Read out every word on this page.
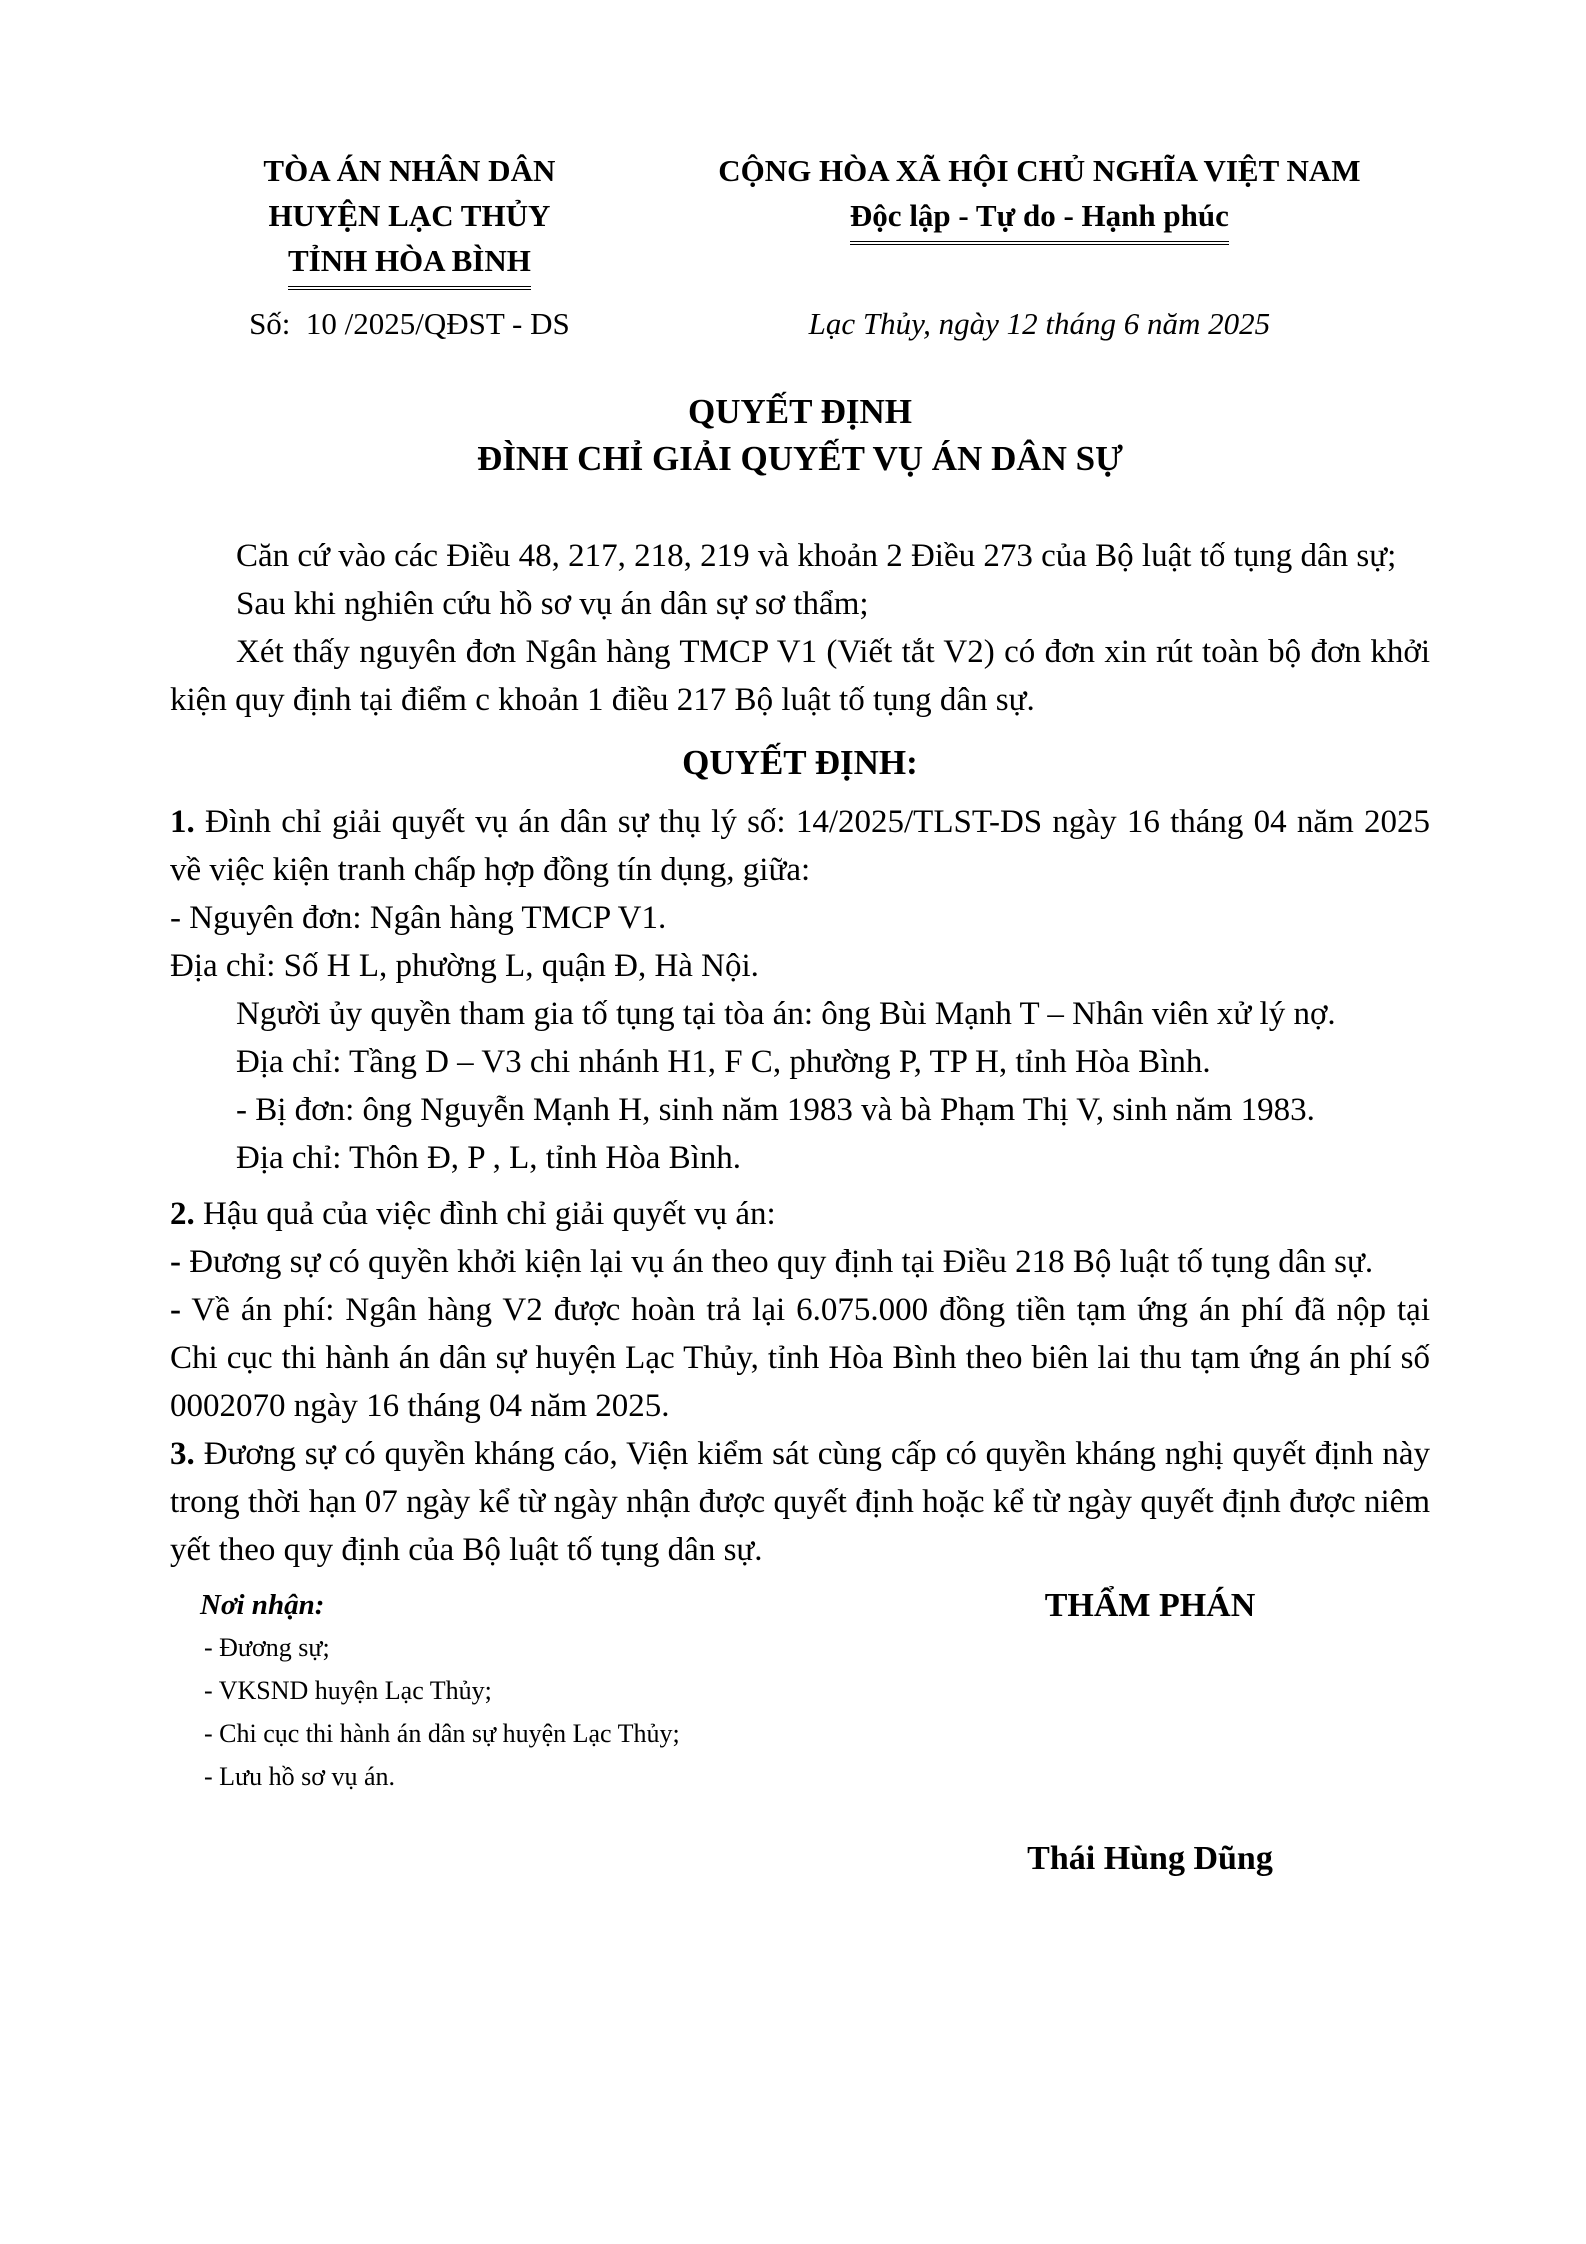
TÒA ÁN NHÂN DÂN
HUYỆN LẠC THỦY
TỈNH HÒA BÌNH
CỘNG HÒA XÃ HỘI CHỦ NGHĨA VIỆT NAM
Độc lập - Tự do - Hạnh phúc
Số:  10 /2025/QĐST - DS	Lạc Thủy, ngày 12 tháng 6 năm 2025
QUYẾT ĐỊNH
ĐÌNH CHỈ GIẢI QUYẾT VỤ ÁN DÂN SỰ

Căn cứ vào các Điều 48, 217, 218, 219 và khoản 2 Điều 273 của Bộ luật tố tụng dân sự;

Sau khi nghiên cứu hồ sơ vụ án dân sự sơ thẩm;

Xét thấy nguyên đơn Ngân hàng TMCP V1 (Viết tắt V2) có đơn xin rút toàn bộ đơn khởi kiện quy định tại điểm c khoản 1 điều 217 Bộ luật tố tụng dân sự.

QUYẾT ĐỊNH:

1. Đình chỉ giải quyết vụ án dân sự thụ lý số: 14/2025/TLST-DS ngày 16 tháng 04 năm 2025 về việc kiện tranh chấp hợp đồng tín dụng, giữa:

- Nguyên đơn: Ngân hàng TMCP V1.

Địa chỉ: Số H L, phường L, quận Đ, Hà Nội.

Người ủy quyền tham gia tố tụng tại tòa án: ông Bùi Mạnh T – Nhân viên xử lý nợ.

Địa chỉ: Tầng D – V3 chi nhánh H1, F C, phường P, TP H, tỉnh Hòa Bình.

- Bị đơn: ông Nguyễn Mạnh H, sinh năm 1983 và bà Phạm Thị V, sinh năm 1983.

Địa chỉ: Thôn Đ, P , L, tỉnh Hòa Bình.

2. Hậu quả của việc đình chỉ giải quyết vụ án:

- Đương sự có quyền khởi kiện lại vụ án theo quy định tại Điều 218 Bộ luật tố tụng dân sự.

- Về án phí: Ngân hàng V2 được hoàn trả lại 6.075.000 đồng tiền tạm ứng án phí đã nộp tại Chi cục thi hành án dân sự huyện Lạc Thủy, tỉnh Hòa Bình theo biên lai thu tạm ứng án phí số 0002070 ngày 16 tháng 04 năm 2025.

3. Đương sự có quyền kháng cáo, Viện kiểm sát cùng cấp có quyền kháng nghị quyết định này trong thời hạn 07 ngày kể từ ngày nhận được quyết định hoặc kể từ ngày quyết định được niêm yết theo quy định của Bộ luật tố tụng dân sự.

Nơi nhận:
- Đương sự;
- VKSND huyện Lạc Thủy;
- Chi cục thi hành án dân sự huyện Lạc Thủy;
- Lưu hồ sơ vụ án.
THẨM PHÁN
Thái Hùng Dũng
